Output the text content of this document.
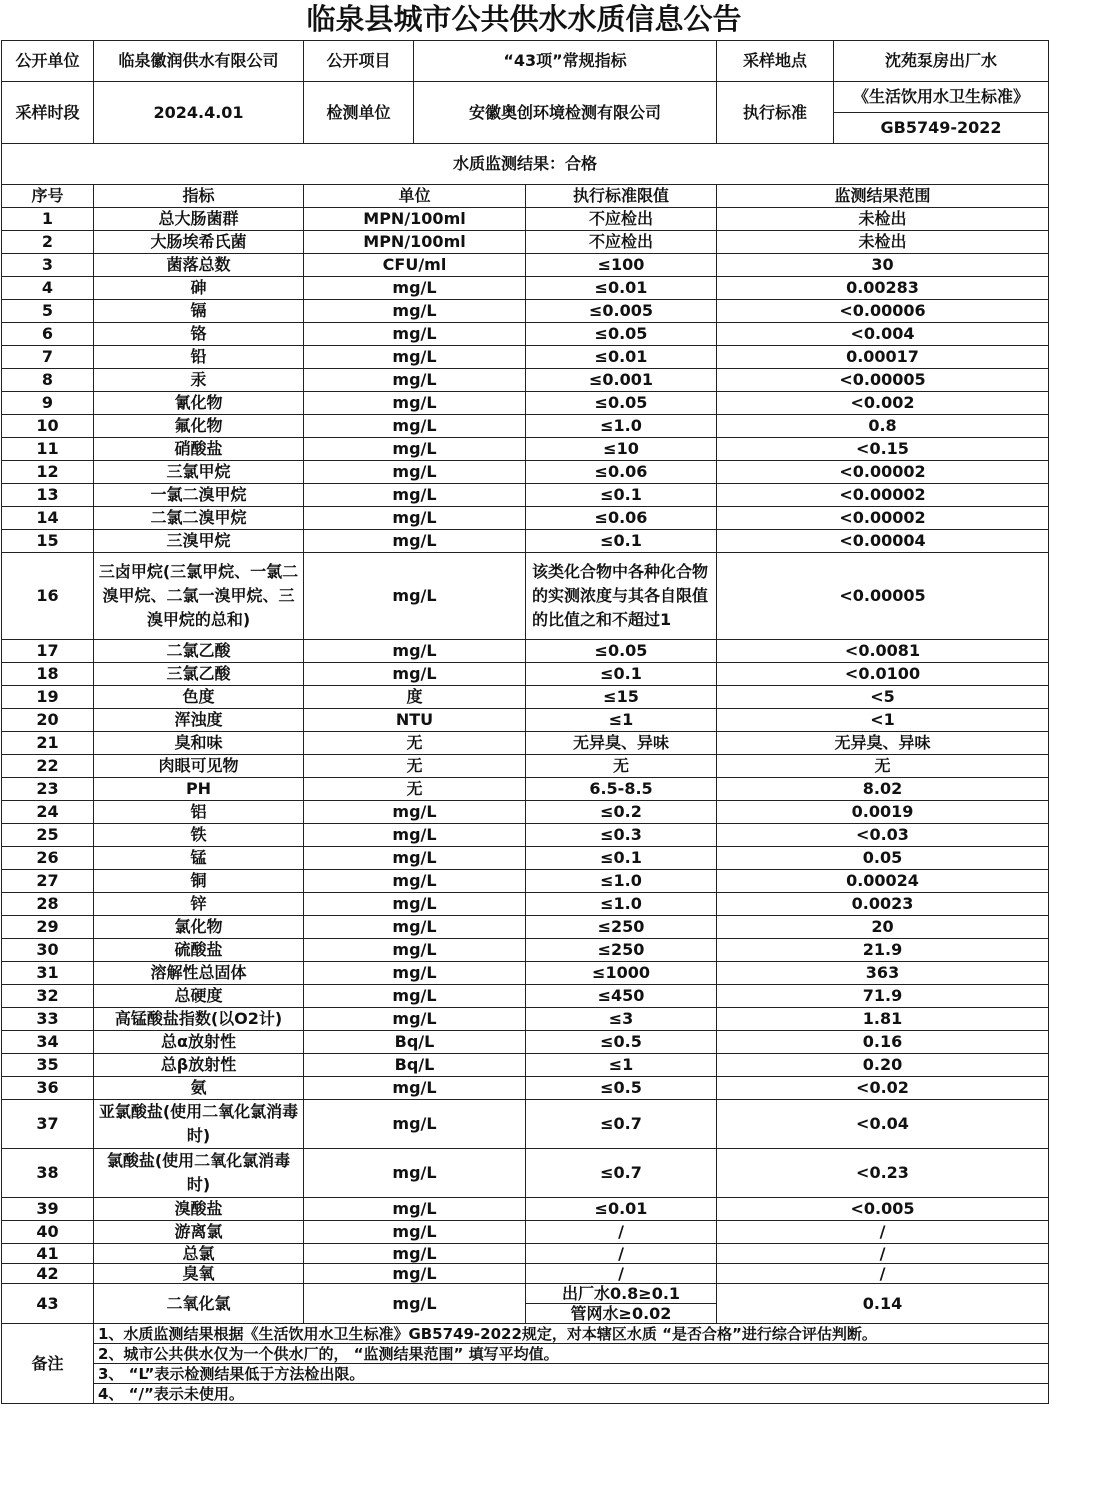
临泉县城市公共供水水质信息公告
公开单位	临泉徽润供水有限公司	公开项目	“43项”常规指标		采样地点	沈苑泵房出厂水
采样时段	2024.4.01	检测单位	安徽奥创环境检测有限公司		执行标准	《生活饮用水卫生标准》
						GB5749-2022
水质监测结果：合格						
序号	指标	单位		执行标准限值	监测结果范围	
1	总大肠菌群	MPN/100ml		不应检出	未检出	
2	大肠埃希氏菌	MPN/100ml		不应检出	未检出	
3	菌落总数	CFU/ml		≤100	30	
4	砷	mg/L		≤0.01	0.00283	
5	镉	mg/L		≤0.005	<0.00006	
6	铬	mg/L		≤0.05	<0.004	
7	铅	mg/L		≤0.01	0.00017	
8	汞	mg/L		≤0.001	<0.00005	
9	氰化物	mg/L		≤0.05	<0.002	
10	氟化物	mg/L		≤1.0	0.8	
11	硝酸盐	mg/L		≤10	<0.15	
12	三氯甲烷	mg/L		≤0.06	<0.00002	
13	一氯二溴甲烷	mg/L		≤0.1	<0.00002	
14	二氯二溴甲烷	mg/L		≤0.06	<0.00002	
15	三溴甲烷	mg/L		≤0.1	<0.00004	
16	三卤甲烷(三氯甲烷、一氯二溴甲烷、二氯一溴甲烷、三溴甲烷的总和)	mg/L		该类化合物中各种化合物的实测浓度与其各自限值的比值之和不超过1	<0.00005	
17	二氯乙酸	mg/L		≤0.05	<0.0081	
18	三氯乙酸	mg/L		≤0.1	<0.0100	
19	色度	度		≤15	<5	
20	浑浊度	NTU		≤1	<1	
21	臭和味	无		无异臭、异味	无异臭、异味	
22	肉眼可见物	无		无	无	
23	PH	无		6.5-8.5	8.02	
24	铝	mg/L		≤0.2	0.0019	
25	铁	mg/L		≤0.3	<0.03	
26	锰	mg/L		≤0.1	0.05	
27	铜	mg/L		≤1.0	0.00024	
28	锌	mg/L		≤1.0	0.0023	
29	氯化物	mg/L		≤250	20	
30	硫酸盐	mg/L		≤250	21.9	
31	溶解性总固体	mg/L		≤1000	363	
32	总硬度	mg/L		≤450	71.9	
33	高锰酸盐指数(以O2计)	mg/L		≤3	1.81	
34	总α放射性	Bq/L		≤0.5	0.16	
35	总β放射性	Bq/L		≤1	0.20	
36	氨	mg/L		≤0.5	<0.02	
37	亚氯酸盐(使用二氧化氯消毒时)	mg/L		≤0.7	<0.04	
38	氯酸盐(使用二氧化氯消毒时)	mg/L		≤0.7	<0.23	
39	溴酸盐	mg/L		≤0.01	<0.005	
40	游离氯	mg/L		/	/	
41	总氯	mg/L		/	/	
42	臭氧	mg/L		/	/	
43	二氧化氯	mg/L		出厂水0.8≥0.1	0.14	
				管网水≥0.02		
备注	1、水质监测结果根据《生活饮用水卫生标准》GB5749-2022规定，对本辖区水质 “是否合格”进行综合评估判断。					
	2、城市公共供水仅为一个供水厂的， “监测结果范围” 填写平均值。					
	3、 “L”表示检测结果低于方法检出限。					
	4、 “/”表示未使用。					
